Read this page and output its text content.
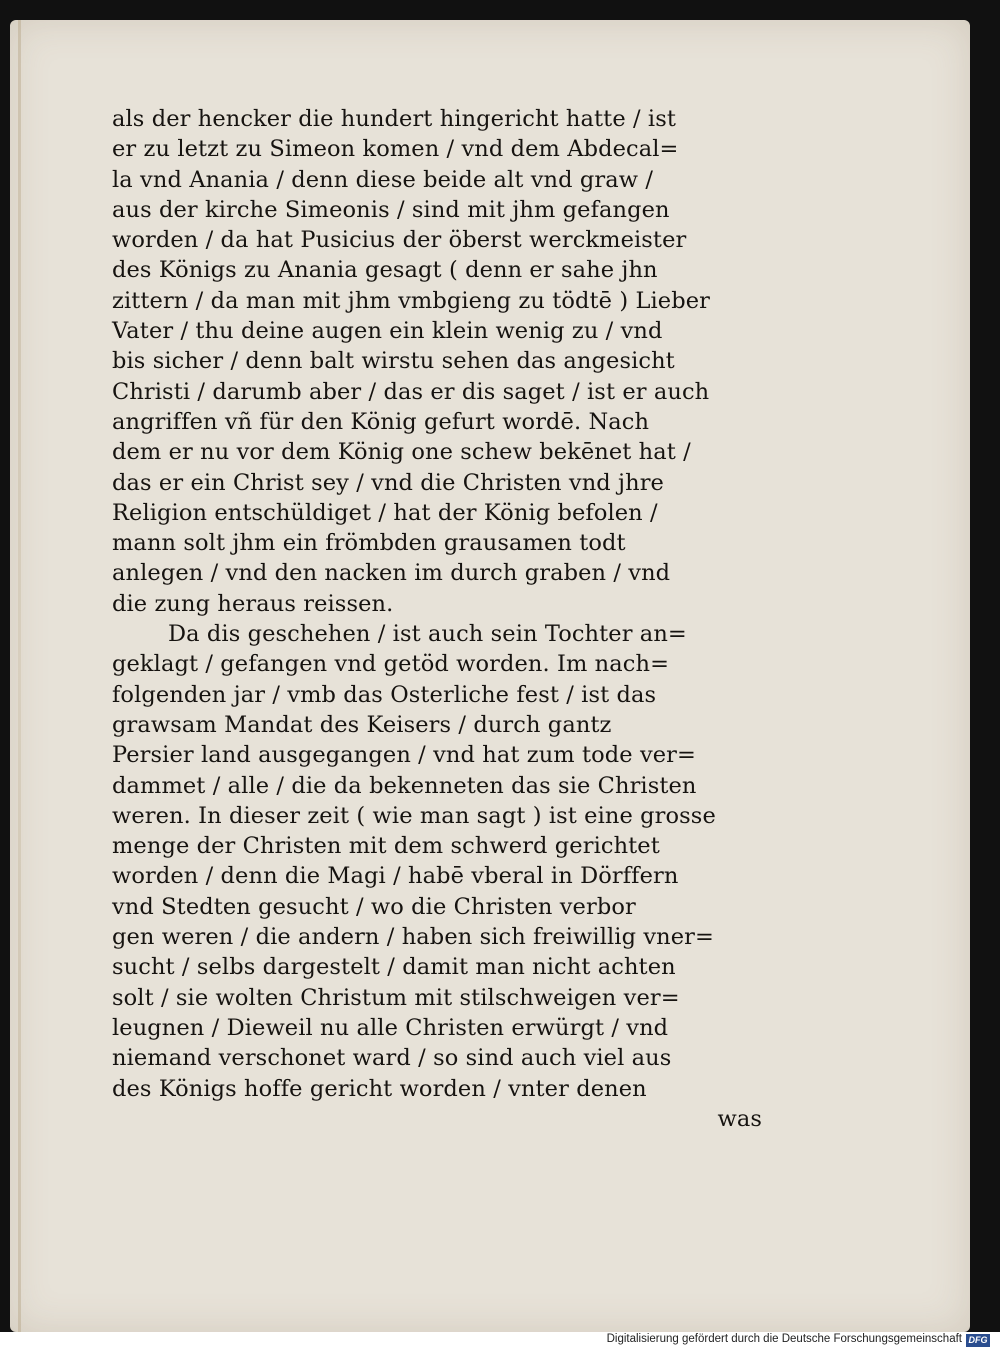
als der hencker die hundert hingericht hatte / ist
er zu letzt zu Simeon komen / vnd dem Abdecal=
la vnd Anania / denn diese beide alt vnd graw /
aus der kirche Simeonis / sind mit jhm gefangen
worden / da hat Pusicius der öberst werckmeister
des Königs zu Anania gesagt ( denn er sahe jhn
zittern / da man mit jhm vmbgieng zu tödtē ) Lieber
Vater / thu deine augen ein klein wenig zu / vnd
bis sicher / denn balt wirstu sehen das angesicht
Christi / darumb aber / das er dis saget / ist er auch
angriffen vñ für den König gefurt wordē. Nach
dem er nu vor dem König one schew bekēnet hat /
das er ein Christ sey / vnd die Christen vnd jhre
Religion entschüldiget / hat der König befolen /
mann solt jhm ein frömbden grausamen todt
anlegen / vnd den nacken im durch graben / vnd
die zung heraus reissen.
Da dis geschehen / ist auch sein Tochter an=
geklagt / gefangen vnd getöd worden. Im nach=
folgenden jar / vmb das Osterliche fest / ist das
grawsam Mandat des Keisers / durch gantz
Persier land ausgegangen / vnd hat zum tode ver=
dammet / alle / die da bekenneten das sie Christen
weren. In dieser zeit ( wie man sagt ) ist eine grosse
menge der Christen mit dem schwerd gerichtet
worden / denn die Magi / habē vberal in Dörffern
vnd Stedten gesucht / wo die Christen verbor
gen weren / die andern / haben sich freiwillig vner=
sucht / selbs dargestelt / damit man nicht achten
solt / sie wolten Christum mit stilschweigen ver=
leugnen / Dieweil nu alle Christen erwürgt / vnd
niemand verschonet ward / so sind auch viel aus
des Königs hoffe gericht worden / vnter denen
was
Digitalisierung gefördert durch die Deutsche Forschungsgemeinschaft DFG
